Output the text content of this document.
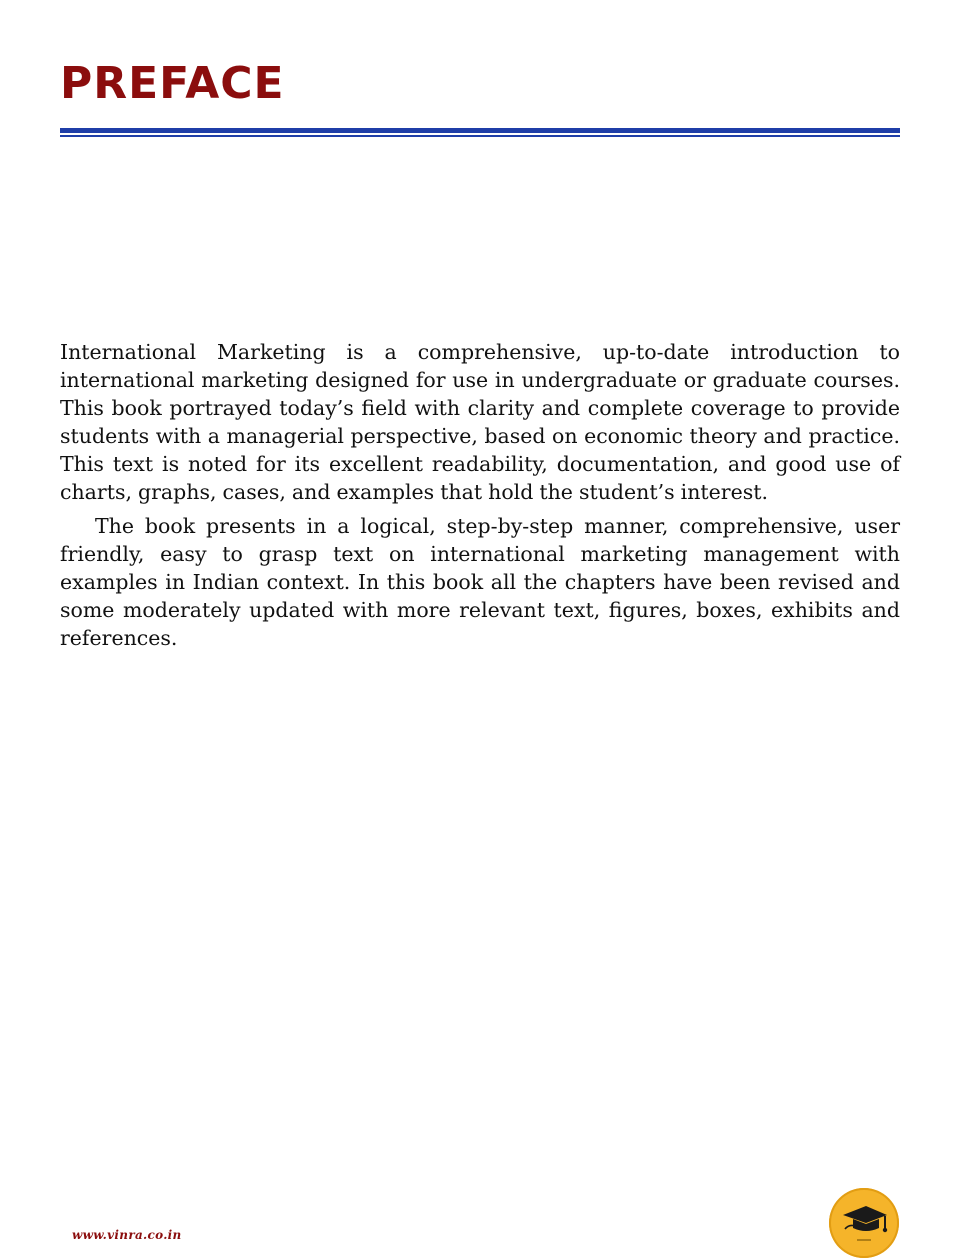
PREFACE

International Marketing is a comprehensive, up-to-date introduction to international marketing designed for use in undergraduate or graduate courses. This book portrayed today’s field with clarity and complete coverage to provide students with a managerial perspective, based on economic theory and practice. This text is noted for its excellent readability, documentation, and good use of charts, graphs, cases, and examples that hold the student’s interest.

The book presents in a logical, step-by-step manner, comprehensive, user friendly, easy to grasp text on international marketing management with examples in Indian context. In this book all the chapters have been revised and some moderately updated with more relevant text, figures, boxes, exhibits and references.

www.vinra.co.in
